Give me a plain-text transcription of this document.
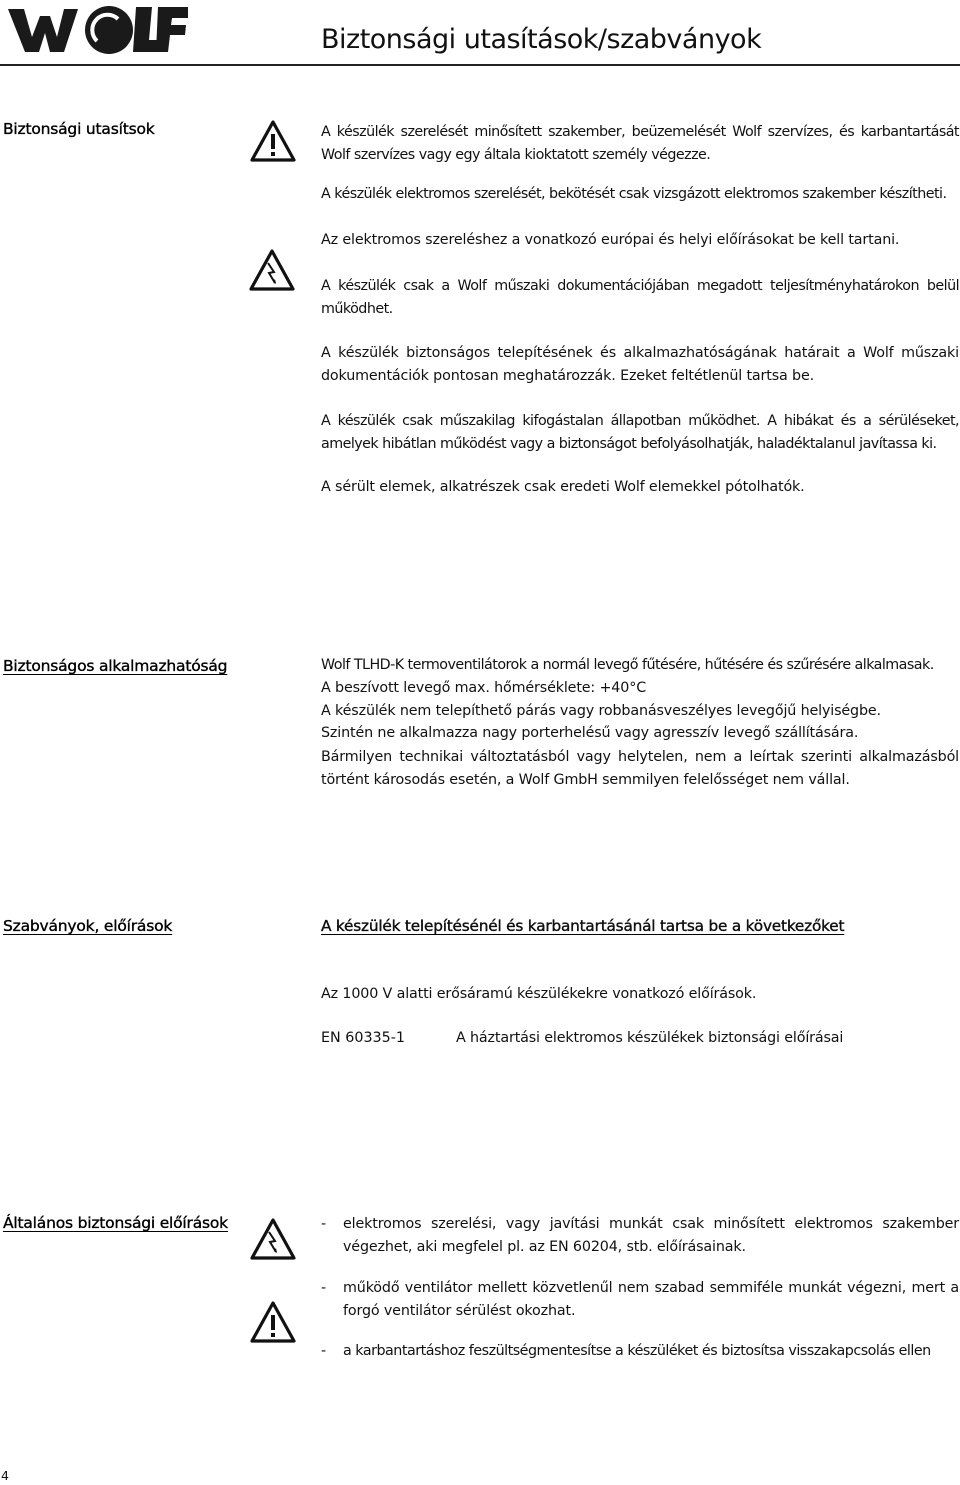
WOLF
Biztonsági utasítások/szabványok
Biztonsági utasítsok	A készülék szerelését minősített szakember, beüzemelését Wolf szervízes, és karbantartását Wolf szervízes vagy egy általa kioktatott személy végezze.
A készülék elektromos szerelését, bekötését csak vizsgázott elektromos szakember készítheti.
Az elektromos szereléshez a vonatkozó európai és helyi előírásokat be kell tartani.
A készülék csak a Wolf műszaki dokumentációjában megadott teljesítményhatárokon belül működhet.
A készülék biztonságos telepítésének és alkalmazhatóságának határait a Wolf műszaki dokumentációk pontosan meghatározzák. Ezeket feltétlenül tartsa be.
A készülék csak műszakilag kifogástalan állapotban működhet. A hibákat és a sérüléseket, amelyek hibátlan működést vagy a biztonságot befolyásolhatják, haladéktalanul javítassa ki.
A sérült elemek, alkatrészek csak eredeti Wolf elemekkel pótolhatók.
Biztonságos alkalmazhatóság	Wolf TLHD-K termoventilátorok a normál levegő fűtésére, hűtésére és szűrésére alkalmasak.
A beszívott levegő max. hőmérséklete: +40°C
A készülék nem telepíthető párás vagy robbanásveszélyes levegőjű helyiségbe.
Szintén ne alkalmazza nagy porterhelésű vagy agresszív levegő szállítására.
Bármilyen technikai változtatásból vagy helytelen, nem a leírtak szerinti alkalmazásból történt károsodás esetén, a Wolf GmbH semmilyen felelősséget nem vállal.
Szabványok, előírások	A készülék telepítésénél és karbantartásánál tartsa be a következőket
Az 1000 V alatti erősáramú készülékekre vonatkozó előírások.
EN 60335-1	A háztartási elektromos készülékek biztonsági előírásai
Általános biztonsági előírások	- elektromos szerelési, vagy javítási munkát csak minősített elektromos szakember végezhet, aki megfelel pl. az EN 60204, stb. előírásainak.
- működő ventilátor mellett közvetlenűl nem szabad semmiféle munkát végezni, mert a forgó ventilátor sérülést okozhat.
- a karbantartáshoz feszültségmentesítse a készüléket és biztosítsa visszakapcsolás ellen
4
